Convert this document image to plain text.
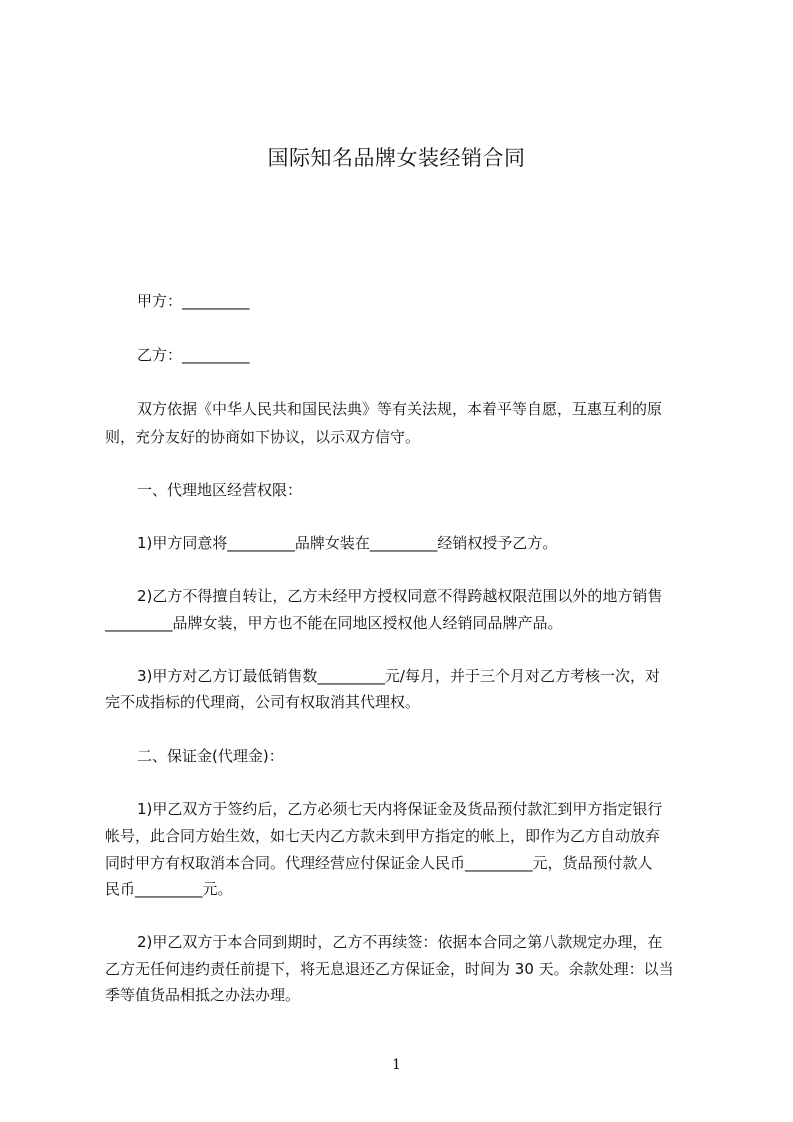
国际知名品牌女装经销合同
甲方：_________
乙方：_________
双方依据《中华人民共和国民法典》等有关法规，本着平等自愿，互惠互利的原
则，充分友好的协商如下协议，以示双方信守。
一、代理地区经营权限：
1)甲方同意将_________品牌女装在_________经销权授予乙方。
2)乙方不得擅自转让，乙方未经甲方授权同意不得跨越权限范围以外的地方销售
_________品牌女装，甲方也不能在同地区授权他人经销同品牌产品。
3)甲方对乙方订最低销售数_________元/每月，并于三个月对乙方考核一次，对
完不成指标的代理商，公司有权取消其代理权。
二、保证金(代理金)：
1)甲乙双方于签约后，乙方必须七天内将保证金及货品预付款汇到甲方指定银行
帐号，此合同方始生效，如七天内乙方款未到甲方指定的帐上，即作为乙方自动放弃
同时甲方有权取消本合同。代理经营应付保证金人民币_________元，货品预付款人
民币_________元。
2)甲乙双方于本合同到期时，乙方不再续签：依据本合同之第八款规定办理，在
乙方无任何违约责任前提下，将无息退还乙方保证金，时间为 30 天。余款处理：以当
季等值货品相抵之办法办理。
1
